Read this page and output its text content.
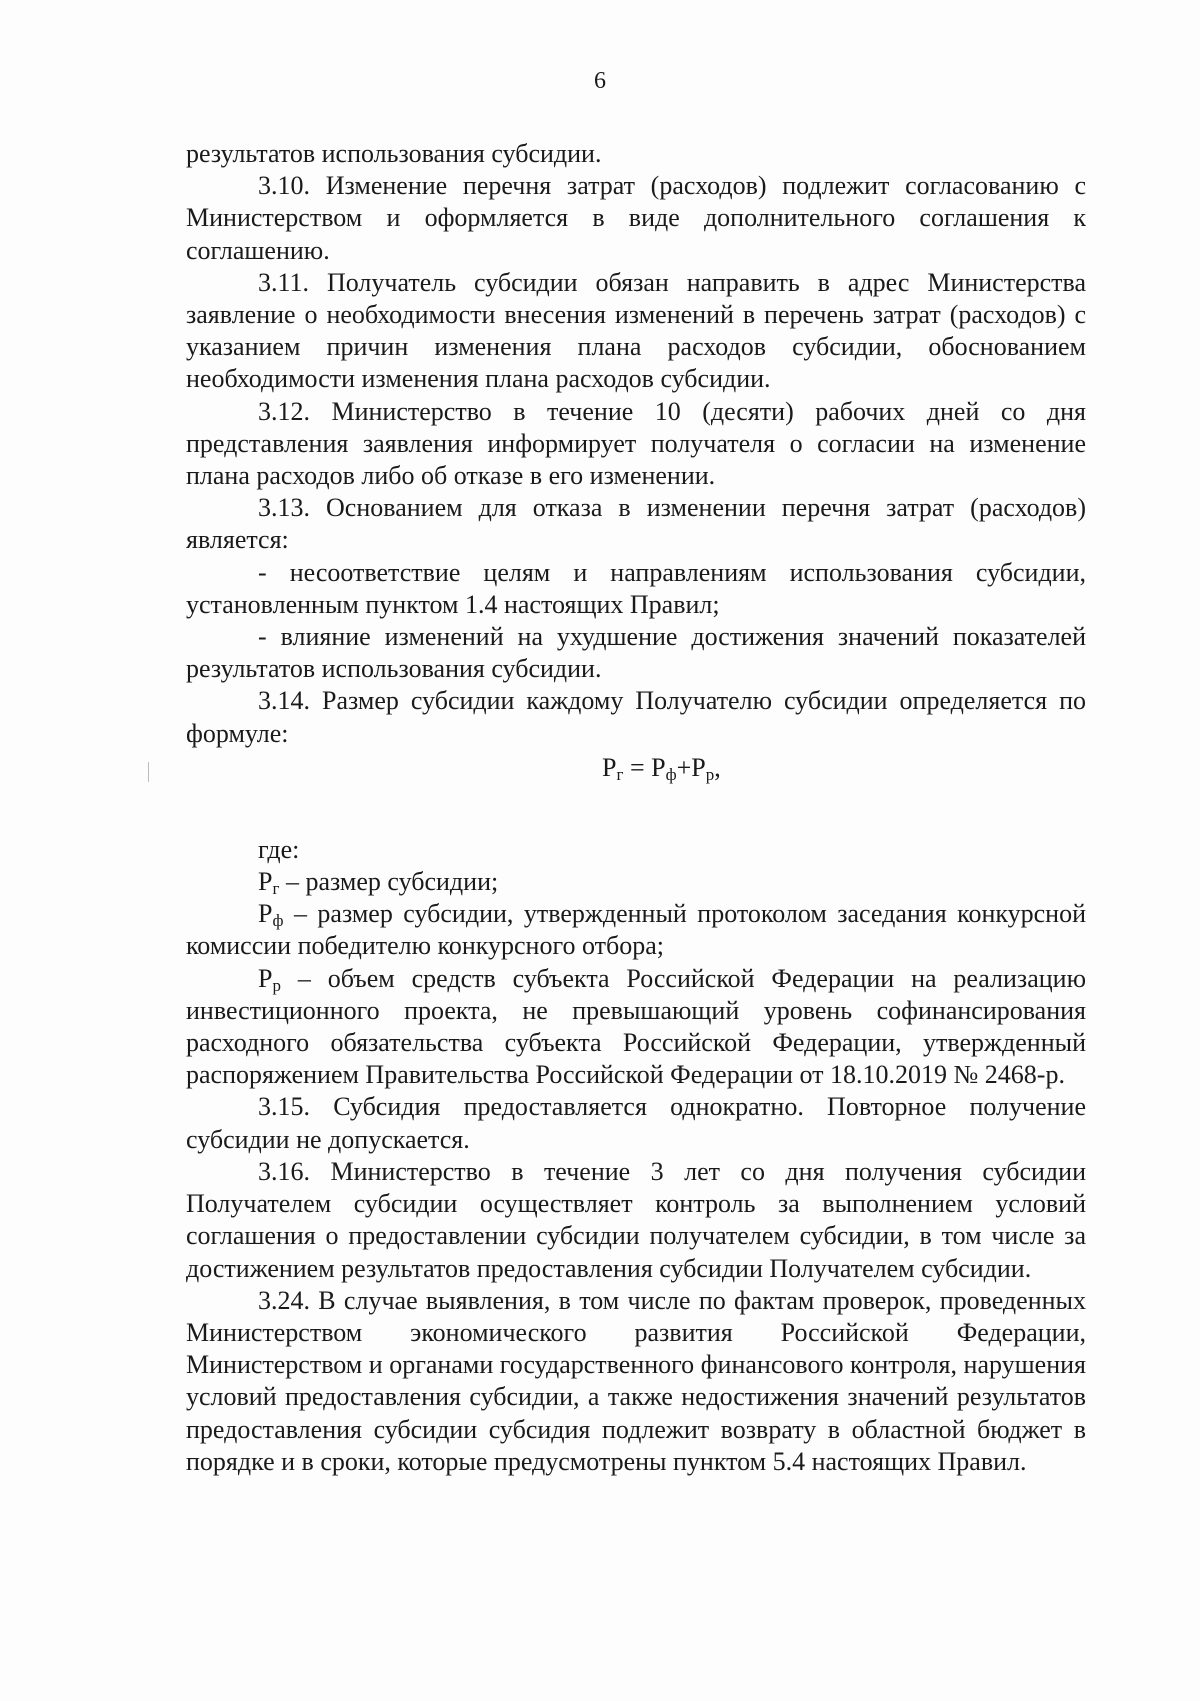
6

результатов использования субсидии.

3.10. Изменение перечня затрат (расходов) подлежит согласованию с Министерством и оформляется в виде дополнительного соглашения к соглашению.

3.11. Получатель субсидии обязан направить в адрес Министерства заявление о необходимости внесения изменений в перечень затрат (расходов) с указанием причин изменения плана расходов субсидии, обоснованием необходимости изменения плана расходов субсидии.

3.12. Министерство в течение 10 (десяти) рабочих дней со дня представления заявления информирует получателя о согласии на изменение плана расходов либо об отказе в его изменении.

3.13. Основанием для отказа в изменении перечня затрат (расходов) является:

- несоответствие целям и направлениям использования субсидии, установленным пунктом 1.4 настоящих Правил;

- влияние изменений на ухудшение достижения значений показателей результатов использования субсидии.

3.14. Размер субсидии каждому Получателю субсидии определяется по формуле:

$Р_г = Р_ф+Р_р$,

где:

$Р_г$ – размер субсидии;

$Р_ф$ – размер субсидии, утвержденный протоколом заседания конкурсной комиссии победителю конкурсного отбора;

$Р_р$ – объем средств субъекта Российской Федерации на реализацию инвестиционного проекта, не превышающий уровень софинансирования расходного обязательства субъекта Российской Федерации, утвержденный распоряжением Правительства Российской Федерации от 18.10.2019 № 2468-р.

3.15. Субсидия предоставляется однократно. Повторное получение субсидии не допускается.

3.16. Министерство в течение 3 лет со дня получения субсидии Получателем субсидии осуществляет контроль за выполнением условий соглашения о предоставлении субсидии получателем субсидии, в том числе за достижением результатов предоставления субсидии Получателем субсидии.

3.24. В случае выявления, в том числе по фактам проверок, проведенных Министерством экономического развития Российской Федерации, Министерством и органами государственного финансового контроля, нарушения условий предоставления субсидии, а также недостижения значений результатов предоставления субсидии субсидия подлежит возврату в областной бюджет в порядке и в сроки, которые предусмотрены пунктом 5.4 настоящих Правил.
